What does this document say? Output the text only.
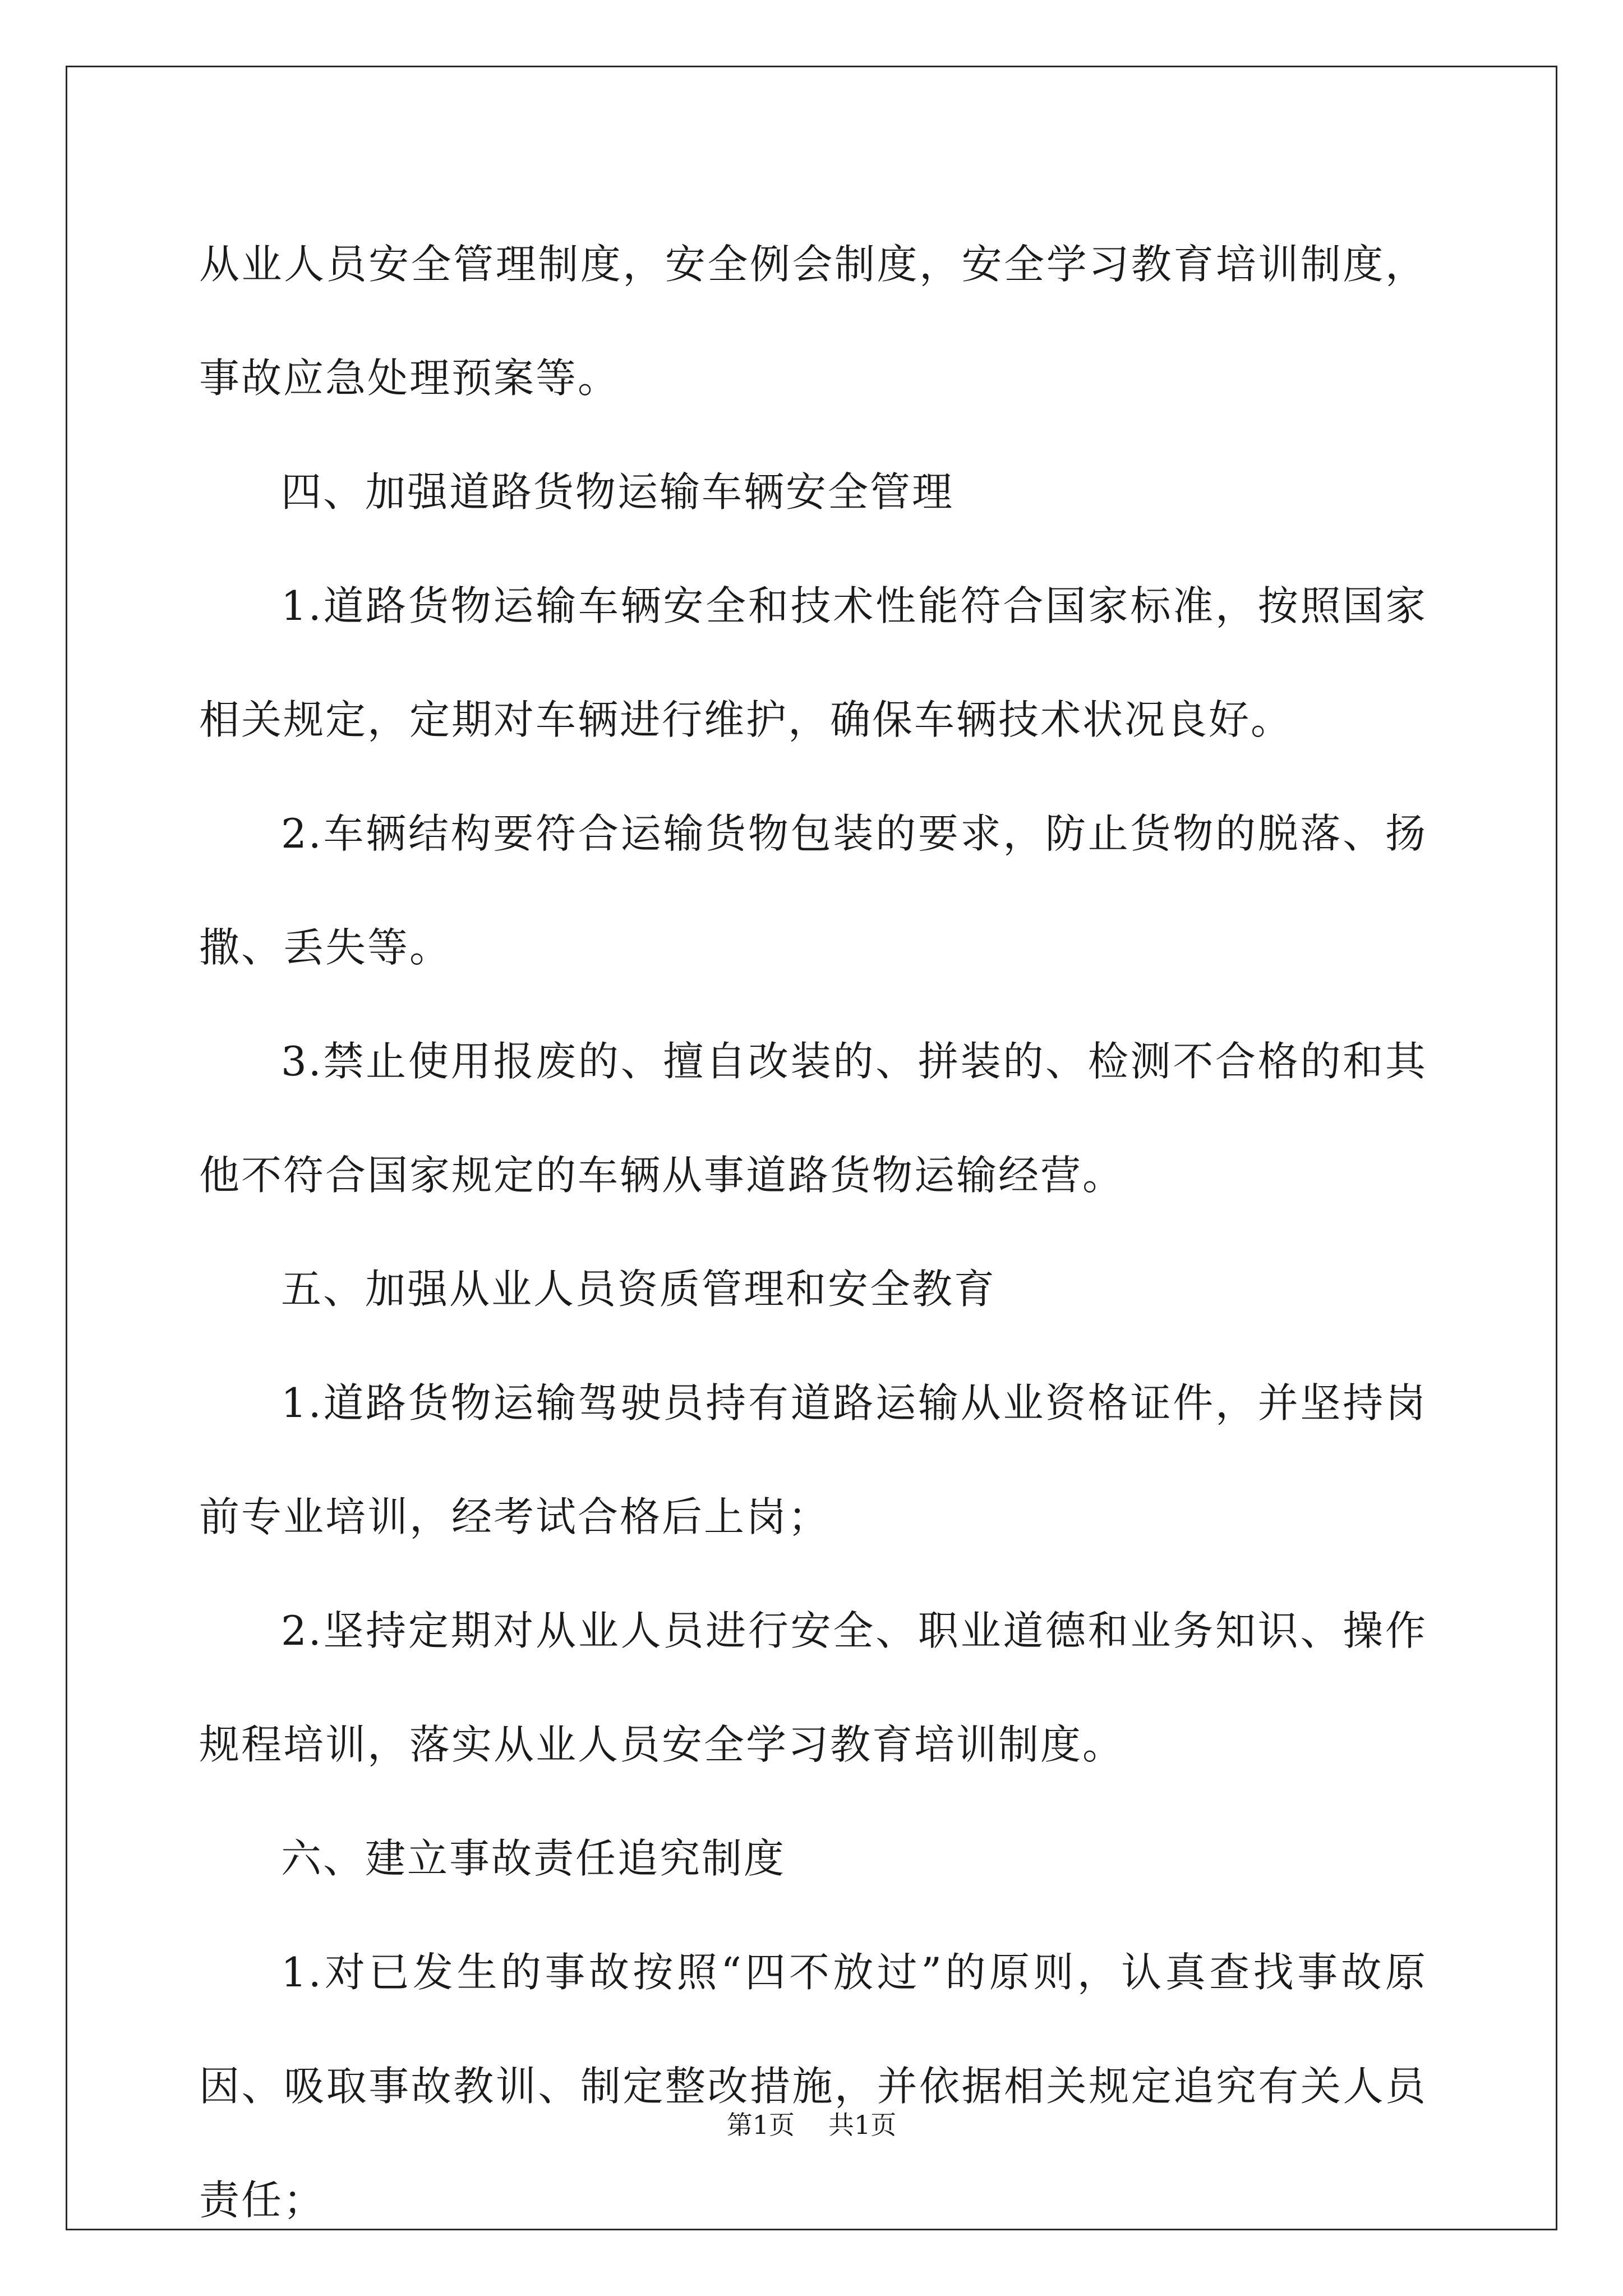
从业人员安全管理制度，安全例会制度，安全学习教育培训制度，事故应急处理预案等。

四、加强道路货物运输车辆安全管理

1.道路货物运输车辆安全和技术性能符合国家标准，按照国家相关规定，定期对车辆进行维护，确保车辆技术状况良好。

2.车辆结构要符合运输货物包装的要求，防止货物的脱落、扬撒、丢失等。

3.禁止使用报废的、擅自改装的、拼装的、检测不合格的和其他不符合国家规定的车辆从事道路货物运输经营。

五、加强从业人员资质管理和安全教育

1.道路货物运输驾驶员持有道路运输从业资格证件，并坚持岗前专业培训，经考试合格后上岗；

2.坚持定期对从业人员进行安全、职业道德和业务知识、操作规程培训，落实从业人员安全学习教育培训制度。

六、建立事故责任追究制度

1.对已发生的事故按照“四不放过”的原则，认真查找事故原因、吸取事故教训、制定整改措施，并依据相关规定追究有关人员责任；

第1页 共1页
